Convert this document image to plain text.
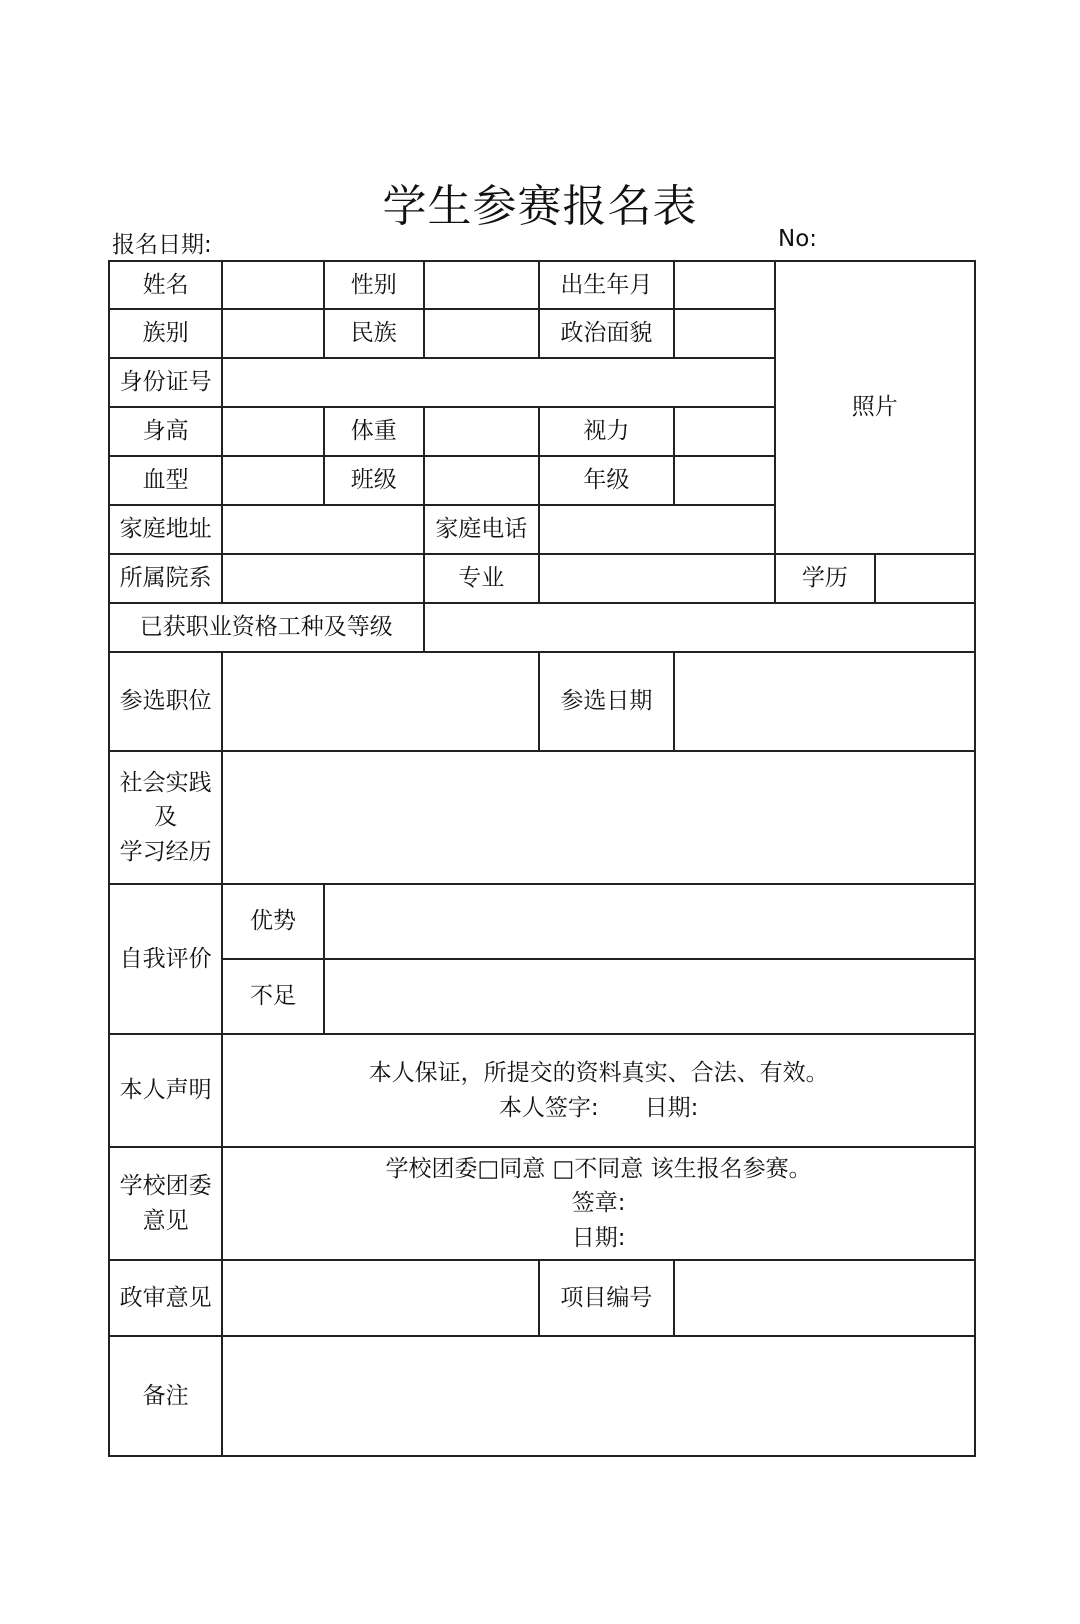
学生参赛报名表
报名日期:	No:
姓名		性别		出生年月		照片	
族别		民族		政治面貌			
身份证号							
身高		体重		视力			
血型		班级		年级			
家庭地址			家庭电话				
所属院系			专业			学历	
已获职业资格工种及等级							
参选职位				参选日期			

社会实践
及
学习经历							

自我评价	优势						
	不足						
本人声明	本人保证，所提交的资料真实、合法、有效。
本人签字:　　日期:						

学校团委
意见	学校团委□同意 □不同意 该生报名参赛。
签章:
日期:						

政审意见				项目编号			
备注							
